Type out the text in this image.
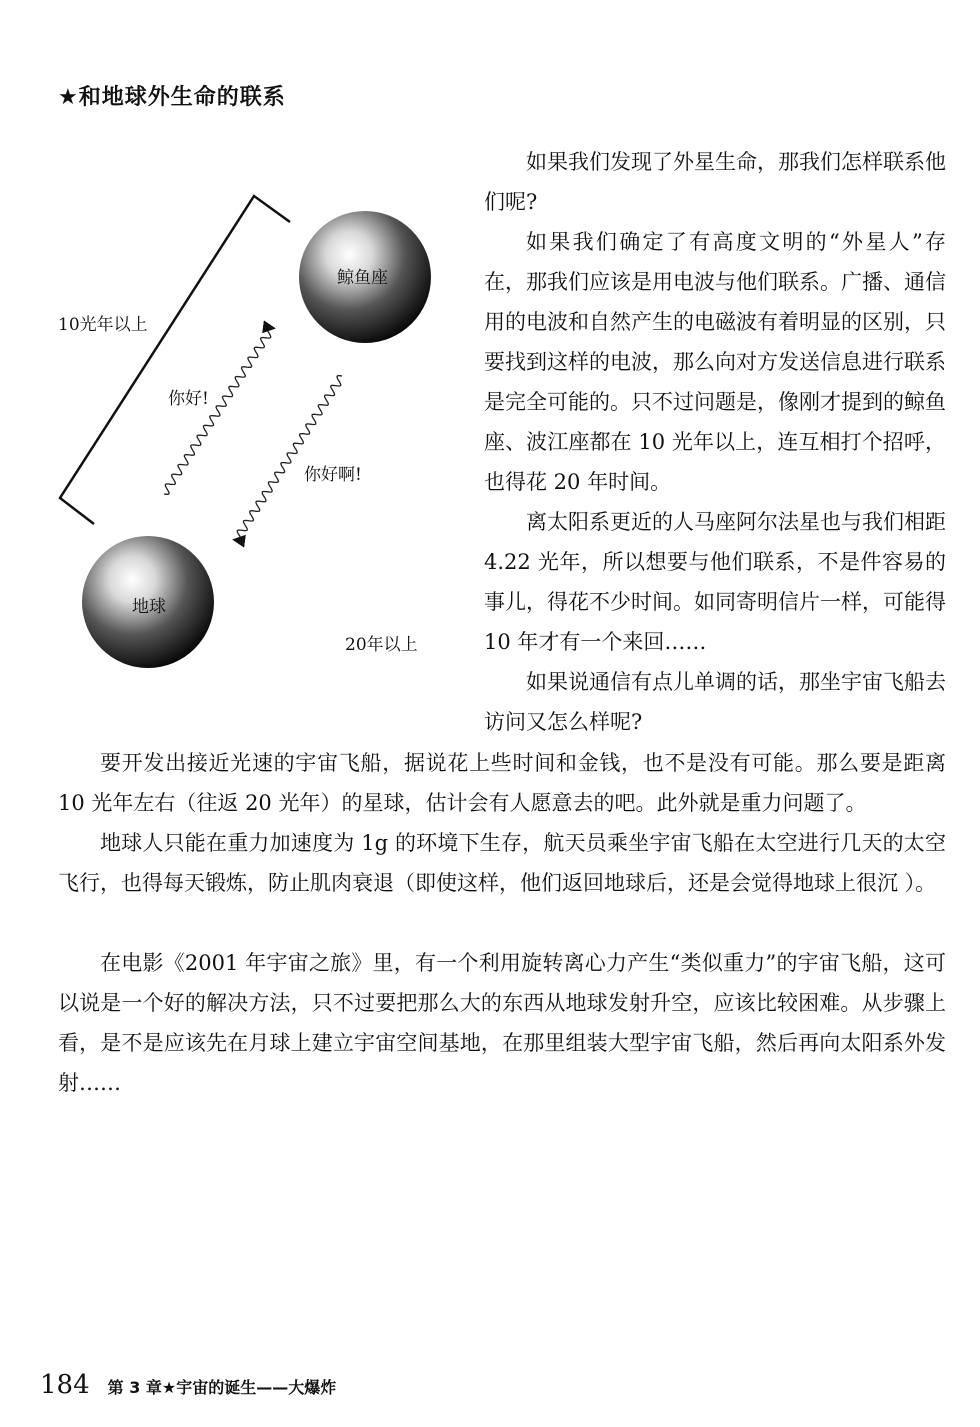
★和地球外生命的联系
鲸鱼座
地球
10光年以上
你好!
你好啊!
20年以上

如果我们发现了外星生命，那我们怎样联系他们呢?

如果我们确定了有高度文明的“外星人”存在，那我们应该是用电波与他们联系。广播、通信用的电波和自然产生的电磁波有着明显的区别，只要找到这样的电波，那么向对方发送信息进行联系是完全可能的。只不过问题是，像刚才提到的鲸鱼座、波江座都在 10 光年以上，连互相打个招呼，也得花 20 年时间。

离太阳系更近的人马座阿尔法星也与我们相距 4.22 光年，所以想要与他们联系，不是件容易的事儿，得花不少时间。如同寄明信片一样，可能得 10 年才有一个来回……

如果说通信有点儿单调的话，那坐宇宙飞船去访问又怎么样呢?

要开发出接近光速的宇宙飞船，据说花上些时间和金钱，也不是没有可能。那么要是距离 10 光年左右（往返 20 光年）的星球，估计会有人愿意去的吧。此外就是重力问题了。

地球人只能在重力加速度为 1g 的环境下生存，航天员乘坐宇宙飞船在太空进行几天的太空飞行，也得每天锻炼，防止肌肉衰退（即使这样，他们返回地球后，还是会觉得地球上很沉 ）。

在电影《2001 年宇宙之旅》里，有一个利用旋转离心力产生“类似重力”的宇宙飞船，这可以说是一个好的解决方法，只不过要把那么大的东西从地球发射升空，应该比较困难。从步骤上看，是不是应该先在月球上建立宇宙空间基地，在那里组装大型宇宙飞船，然后再向太阳系外发射……

184 第 3 章★宇宙的诞生——大爆炸
